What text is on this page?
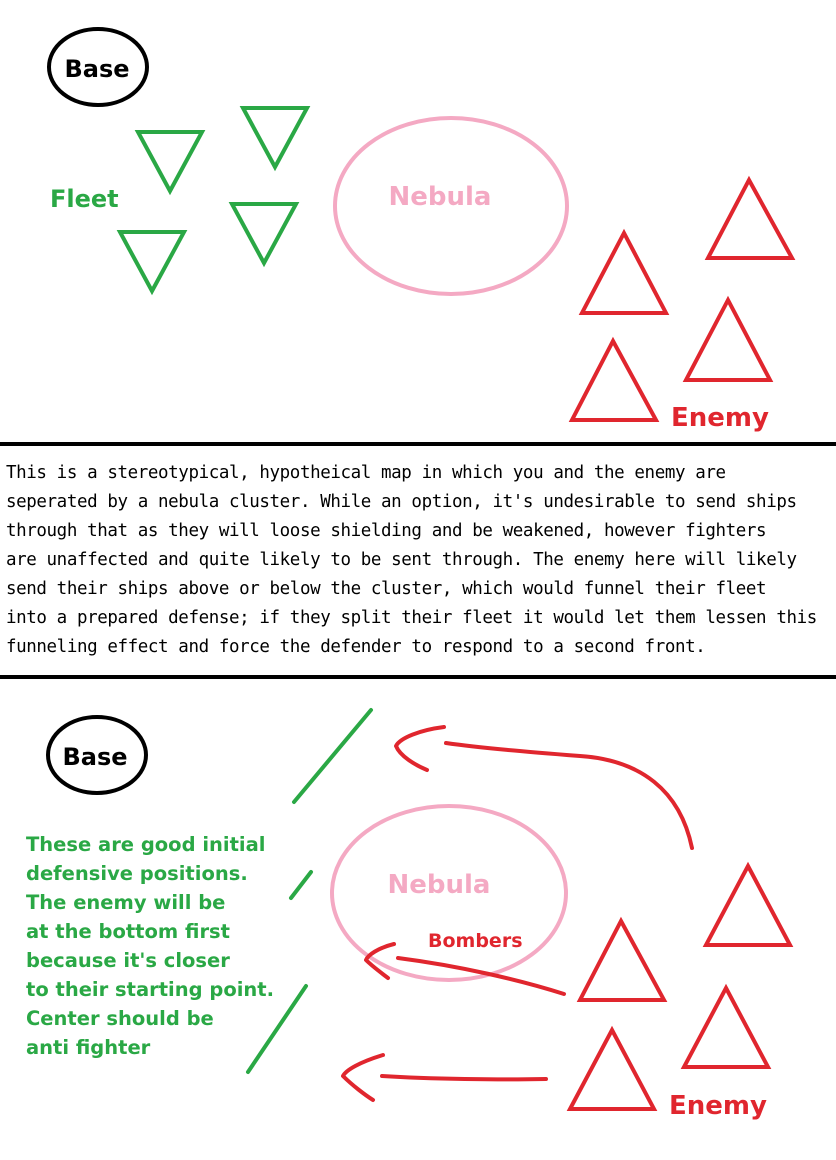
Base
Fleet	Nebula
Enemy
Base
Nebula
Bombers
Enemy
These are good initial
defensive positions.
The enemy will be
at the bottom first
because it's closer
to their starting point.
Center should be
anti fighter
This is a stereotypical, hypotheical map in which you and the enemy are
seperated by a nebula cluster. While an option, it's undesirable to send ships
through that as they will loose shielding and be weakened, however fighters
are unaffected and quite likely to be sent through. The enemy here will likely
send their ships above or below the cluster, which would funnel their fleet
into a prepared defense; if they split their fleet it would let them lessen this
funneling effect and force the defender to respond to a second front.
